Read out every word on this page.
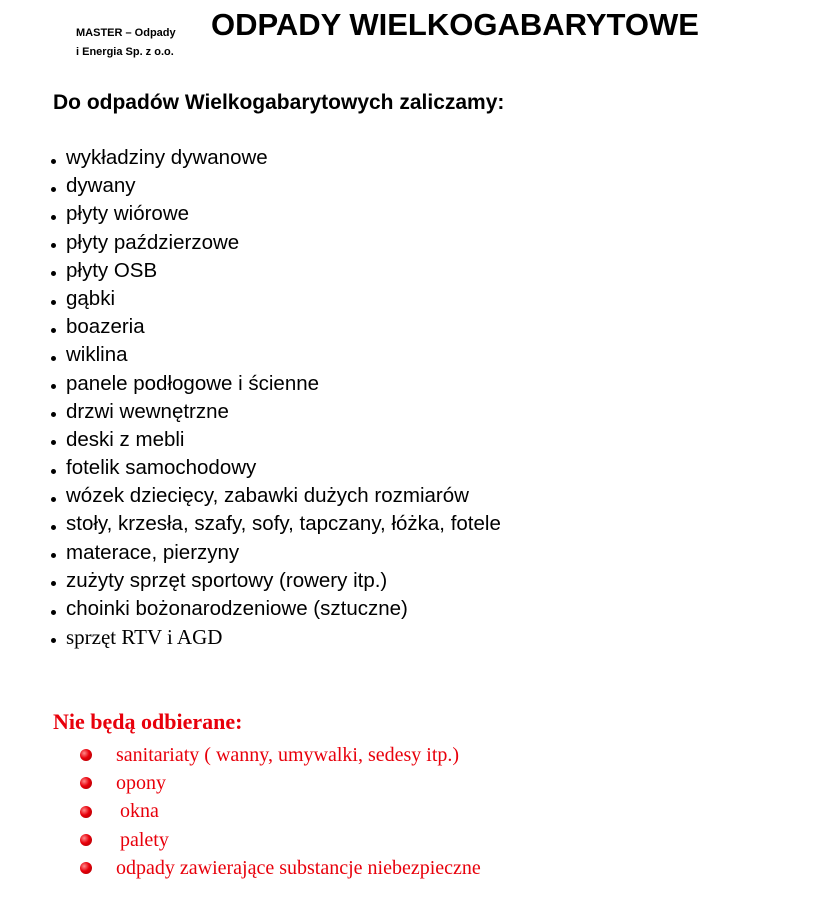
MASTER – Odpady
i Energia Sp. z o.o.
ODPADY WIELKOGABARYTOWE
Do odpadów Wielkogabarytowych zaliczamy:
wykładziny dywanowe
dywany
płyty wiórowe
płyty paździerzowe
płyty OSB
gąbki
boazeria
wiklina
panele podłogowe i ścienne
drzwi wewnętrzne
deski z mebli
fotelik samochodowy
wózek dziecięcy, zabawki dużych rozmiarów
stoły, krzesła, szafy, sofy, tapczany, łóżka, fotele
materace, pierzyny
zużyty sprzęt sportowy (rowery itp.)
choinki bożonarodzeniowe (sztuczne)
sprzęt RTV i AGD
Nie będą odbierane:
sanitariaty ( wanny, umywalki, sedesy itp.)
opony
okna
palety
odpady zawierające substancje niebezpieczne
